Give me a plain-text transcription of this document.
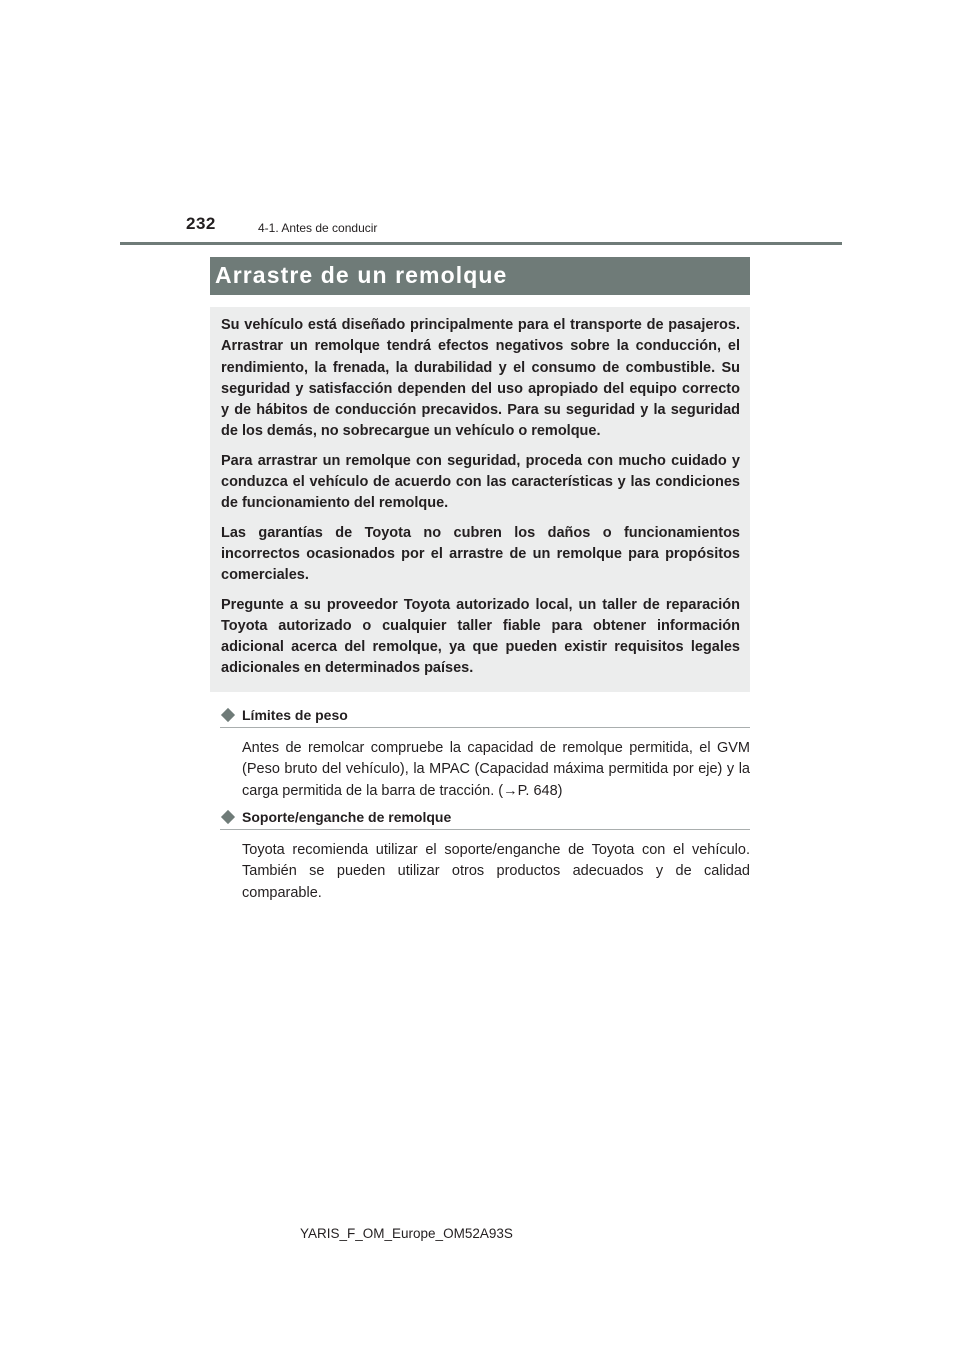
232	4-1. Antes de conducir
Arrastre de un remolque

Su vehículo está diseñado principalmente para el transporte de pasajeros. Arrastrar un remolque tendrá efectos negativos sobre la conducción, el rendimiento, la frenada, la durabilidad y el consumo de combustible. Su seguridad y satisfacción dependen del uso apropiado del equipo correcto y de hábitos de conducción precavidos. Para su seguridad y la seguridad de los demás, no sobrecargue un vehículo o remolque.

Para arrastrar un remolque con seguridad, proceda con mucho cuidado y conduzca el vehículo de acuerdo con las características y las condiciones de funcionamiento del remolque.

Las garantías de Toyota no cubren los daños o funcionamientos incorrectos ocasionados por el arrastre de un remolque para propósitos comerciales.

Pregunte a su proveedor Toyota autorizado local, un taller de reparación Toyota autorizado o cualquier taller fiable para obtener información adicional acerca del remolque, ya que pueden existir requisitos legales adicionales en determinados países.

Límites de peso
Antes de remolcar compruebe la capacidad de remolque permitida, el GVM (Peso bruto del vehículo), la MPAC (Capacidad máxima permitida por eje) y la carga permitida de la barra de tracción. (→P. 648)
Soporte/enganche de remolque
Toyota recomienda utilizar el soporte/enganche de Toyota con el vehículo. También se pueden utilizar otros productos adecuados y de calidad comparable.
YARIS_F_OM_Europe_OM52A93S
